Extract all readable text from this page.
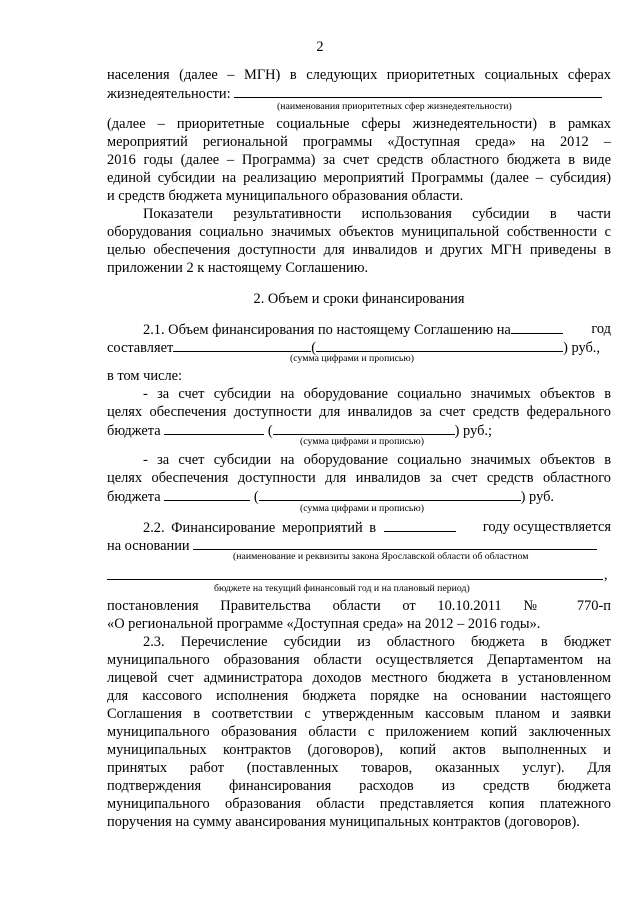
2
населения (далее – МГН) в следующих приоритетных социальных сферах
жизнедеятельности:
(наименования приоритетных сфер жизнедеятельности)
(далее – приоритетные социальные сферы жизнедеятельности) в рамках
мероприятий региональной программы «Доступная среда» на 2012 –
2016 годы (далее – Программа) за счет средств областного бюджета в виде
единой субсидии на реализацию мероприятий Программы (далее – субсидия)
и средств бюджета муниципального образования области.
Показатели результативности использования субсидии в части
оборудования социально значимых объектов муниципальной собственности с
целью обеспечения доступности для инвалидов и других МГН приведены в
приложении 2 к настоящему Соглашению.
2. Объем и сроки финансирования
2.1. Объем финансирования по настоящему Соглашению на	год
составляет	(	) руб.,
(сумма цифрами и прописью)
в том числе:
- за счет субсидии на оборудование социально значимых объектов в
целях обеспечения доступности для инвалидов за счет средств федерального
бюджета	(	) руб.;
(сумма цифрами и прописью)
- за счет субсидии на оборудование социально значимых объектов в
целях обеспечения доступности для инвалидов за счет средств областного
бюджета	(	) руб.
(сумма цифрами и прописью)
2.2. Финансирование мероприятий в	году осуществляется
на основании
(наименование и реквизиты закона Ярославской области об областном
,
бюджете на текущий финансовый год и на плановый период)
постановления Правительства области от 10.10.2011 № 770-п
«О региональной программе «Доступная среда» на 2012 – 2016 годы».
2.3. Перечисление субсидии из областного бюджета в бюджет
муниципального образования области осуществляется Департаментом на
лицевой счет администратора доходов местного бюджета в установленном
для кассового исполнения бюджета порядке на основании настоящего
Соглашения в соответствии с утвержденным кассовым планом и заявки
муниципального образования области с приложением копий заключенных
муниципальных контрактов (договоров), копий актов выполненных и
принятых работ (поставленных товаров, оказанных услуг). Для
подтверждения финансирования расходов из средств бюджета
муниципального образования области представляется копия платежного
поручения на сумму авансирования муниципальных контрактов (договоров).
